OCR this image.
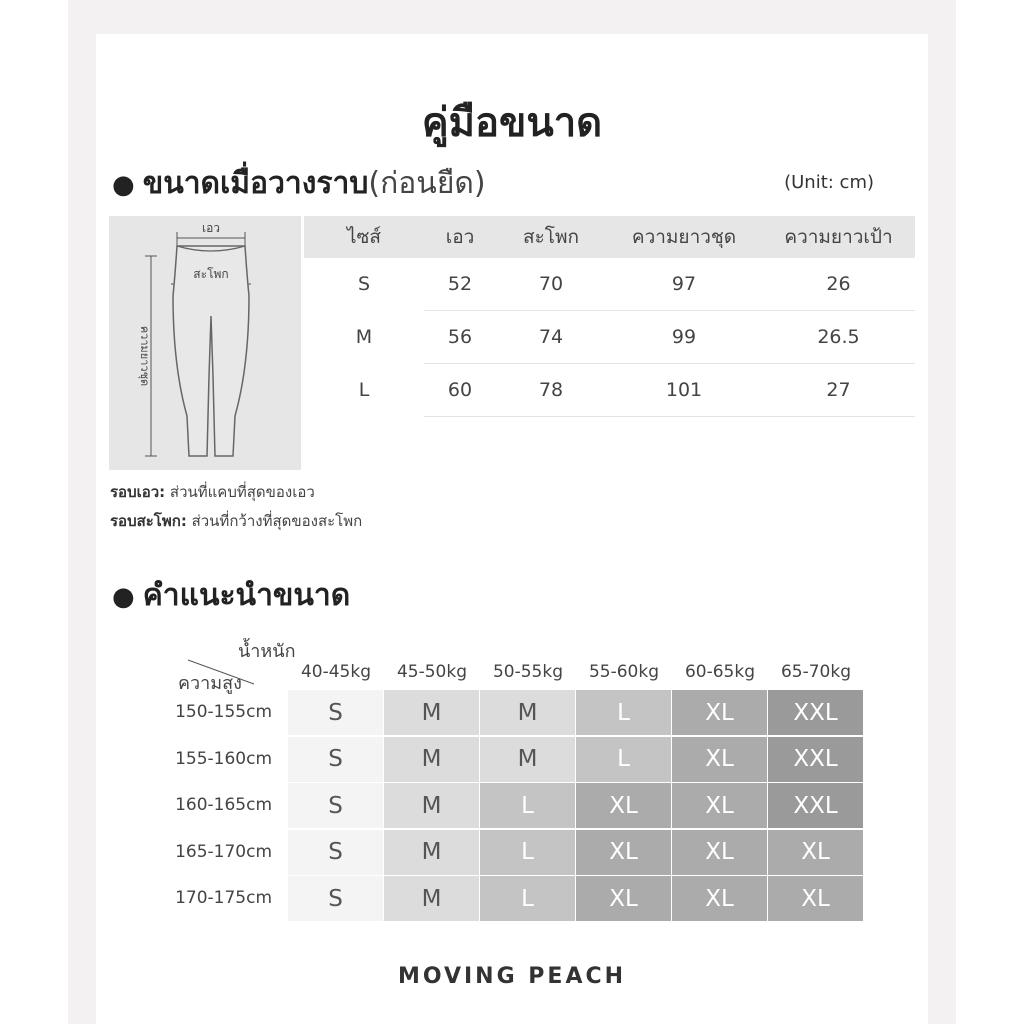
คู่มือขนาด
● ขนาดเมื่อวางราบ(ก่อนยืด)	(Unit: cm)
เอว
สะโพก
ความยาวชุด
ไซส์	เอว	สะโพก	ความยาวชุด	ความยาวเป้า
S	52	70	97	26
M	56	74	99	26.5
L	60	78	101	27
รอบเอว: ส่วนที่แคบที่สุดของเอว
รอบสะโพก: ส่วนที่กว้างที่สุดของสะโพก
● คำแนะนำขนาด
น้ำหนัก
ความสูง
40-45kg	45-50kg	50-55kg	55-60kg	60-65kg	65-70kg
150-155cm	S	M	M	L	XL	XXL
155-160cm	S	M	M	L	XL	XXL
160-165cm	S	M	L	XL	XL	XXL
165-170cm	S	M	L	XL	XL	XL
170-175cm	S	M	L	XL	XL	XL
MOVING PEACH
